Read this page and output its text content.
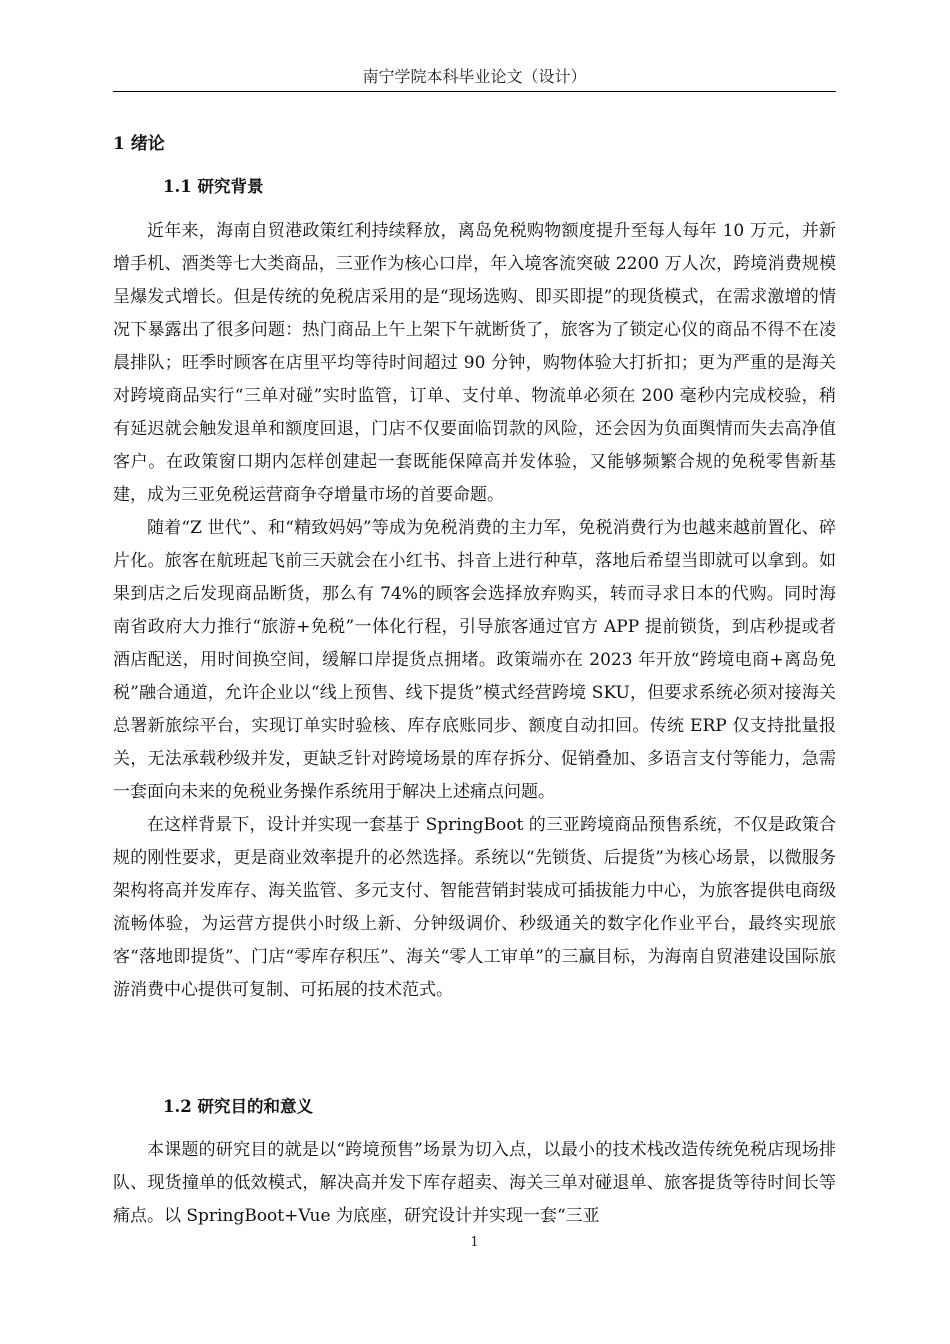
南宁学院本科毕业论文（设计）
1 绪论
1.1 研究背景

近年来，海南自贸港政策红利持续释放，离岛免税购物额度提升至每人每年 10 万元，并新增手机、酒类等七大类商品，三亚作为核心口岸，年入境客流突破 2200 万人次，跨境消费规模呈爆发式增长。但是传统的免税店采用的是“现场选购、即买即提”的现货模式，在需求激增的情况下暴露出了很多问题：热门商品上午上架下午就断货了，旅客为了锁定心仪的商品不得不在凌晨排队；旺季时顾客在店里平均等待时间超过 90 分钟，购物体验大打折扣；更为严重的是海关对跨境商品实行“三单对碰”实时监管，订单、支付单、物流单必须在 200 毫秒内完成校验，稍有延迟就会触发退单和额度回退，门店不仅要面临罚款的风险，还会因为负面舆情而失去高净值客户。在政策窗口期内怎样创建起一套既能保障高并发体验，又能够频繁合规的免税零售新基建，成为三亚免税运营商争夺增量市场的首要命题。

随着“Z 世代”、和“精致妈妈”等成为免税消费的主力军，免税消费行为也越来越前置化、碎片化。旅客在航班起飞前三天就会在小红书、抖音上进行种草，落地后希望当即就可以拿到。如果到店之后发现商品断货，那么有 74%的顾客会选择放弃购买，转而寻求日本的代购。同时海南省政府大力推行“旅游+免税”一体化行程，引导旅客通过官方 APP 提前锁货，到店秒提或者酒店配送，用时间换空间，缓解口岸提货点拥堵。政策端亦在 2023 年开放“跨境电商+离岛免税”融合通道，允许企业以“线上预售、线下提货”模式经营跨境 SKU，但要求系统必须对接海关总署新旅综平台，实现订单实时验核、库存底账同步、额度自动扣回。传统 ERP 仅支持批量报关，无法承载秒级并发，更缺乏针对跨境场景的库存拆分、促销叠加、多语言支付等能力，急需一套面向未来的免税业务操作系统用于解决上述痛点问题。

在这样背景下，设计并实现一套基于 SpringBoot 的三亚跨境商品预售系统，不仅是政策合规的刚性要求，更是商业效率提升的必然选择。系统以“先锁货、后提货”为核心场景，以微服务架构将高并发库存、海关监管、多元支付、智能营销封装成可插拔能力中心，为旅客提供电商级流畅体验，为运营方提供小时级上新、分钟级调价、秒级通关的数字化作业平台，最终实现旅客“落地即提货”、门店“零库存积压”、海关“零人工审单”的三赢目标，为海南自贸港建设国际旅游消费中心提供可复制、可拓展的技术范式。

1.2 研究目的和意义

本课题的研究目的就是以“跨境预售”场景为切入点，以最小的技术栈改造传统免税店现场排队、现货撞单的低效模式，解决高并发下库存超卖、海关三单对碰退单、旅客提货等待时间长等痛点。以 SpringBoot+Vue 为底座，研究设计并实现一套“三亚

1
